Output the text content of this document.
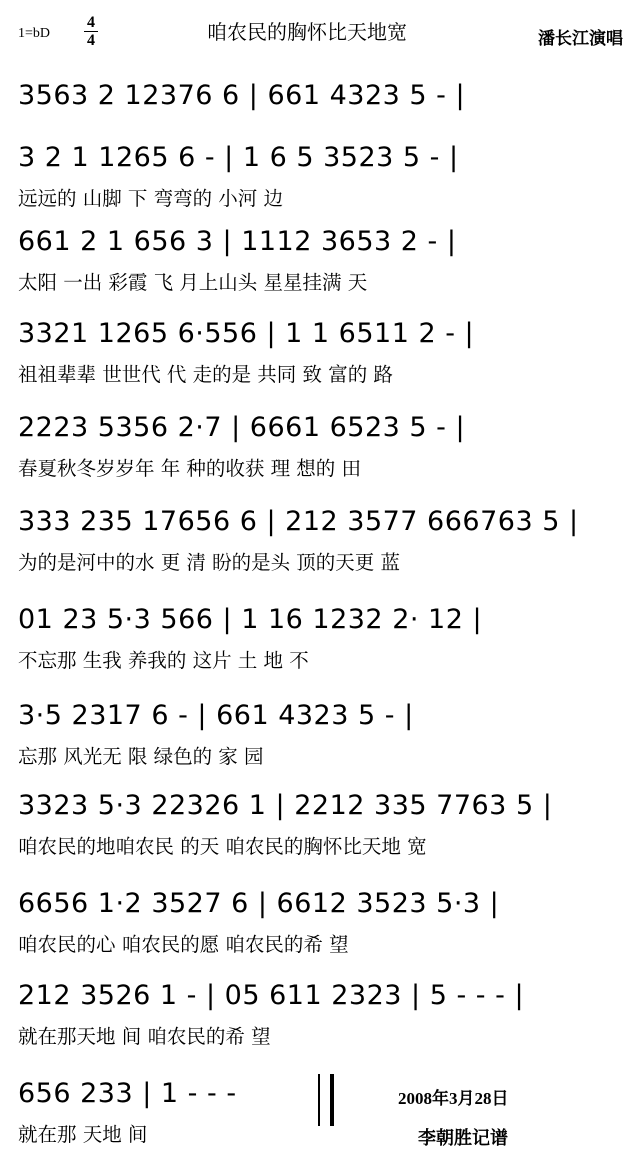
1=bD
4
4	咱农民的胸怀比天地宽	潘长江演唱
3563 2 12376 6 | 661 4323 5 - |
3 2 1 1265 6 - | 1 6 5 3523 5 - |
远远的 山脚 下 弯弯的 小河 边
661 2 1 656 3 | 1112 3653 2 - |
太阳 一出 彩霞 飞 月上山头 星星挂满 天
3321 1265 6·556 | 1 1 6511 2 - |
祖祖辈辈 世世代 代 走的是 共同 致 富的 路
2223 5356 2·7 | 6661 6523 5 - |
春夏秋冬岁岁年 年 种的收获 理 想的 田
333 235 17656 6 | 212 3577 666763 5 |
为的是河中的水 更 清 盼的是头 顶的天更 蓝
01 23 5·3 566 | 1 16 1232 2· 12 |
不忘那 生我 养我的 这片 土 地 不
3·5 2317 6 - | 661 4323 5 - |
忘那 风光无 限 绿色的 家 园
3323 5·3 22326 1 | 2212 335 7763 5 |
咱农民的地咱农民 的天 咱农民的胸怀比天地 宽
6656 1·2 3527 6 | 6612 3523 5·3 |
咱农民的心 咱农民的愿 咱农民的希 望
212 3526 1 - | 05 611 2323 | 5 - - - |
就在那天地 间 咱农民的希 望
656 233 | 1 - - -
就在那 天地 间
2008年3月28日
李朝胜记谱
